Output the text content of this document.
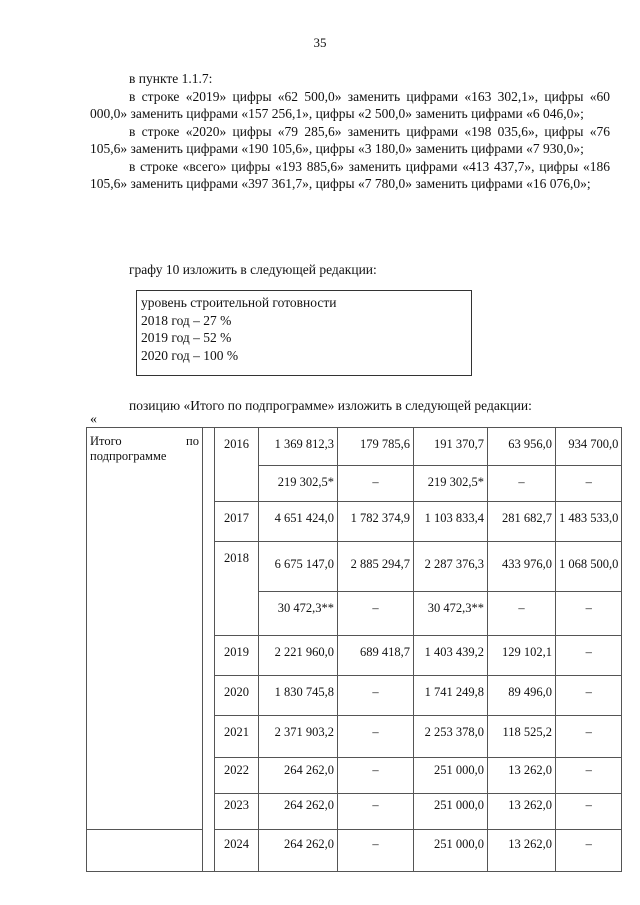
35

в пункте 1.1.7:

в строке «2019» цифры «62 500,0» заменить цифрами «163 302,1», цифры «60 000,0» заменить цифрами «157 256,1», цифры «2 500,0» заменить цифрами «6 046,0»;

в строке «2020» цифры «79 285,6» заменить цифрами «198 035,6», цифры «76 105,6» заменить цифрами «190 105,6», цифры «3 180,0» заменить цифрами «7 930,0»;

в строке «всего» цифры «193 885,6» заменить цифрами «413 437,7», цифры «186 105,6» заменить цифрами «397 361,7», цифры «7 780,0» заменить цифрами «16 076,0»;

графу 10 изложить в следующей редакции:
уровень строительной готовности
2018 год – 27 %
2019 год – 52 %
2020 год – 100 %
позицию «Итого по подпрограмме» изложить в следующей редакции:
«
Итого по
подпрограмме		2016	1 369 812,3	179 785,6	191 370,7	63 956,0	934 700,0
			219 302,5*	–	219 302,5*	–	–
		2017	4 651 424,0	1 782 374,9	1 103 833,4	281 682,7	1 483 533,0
		2018	6 675 147,0	2 885 294,7	2 287 376,3	433 976,0	1 068 500,0
			30 472,3**	–	30 472,3**	–	–
		2019	2 221 960,0	689 418,7	1 403 439,2	129 102,1	–
		2020	1 830 745,8	–	1 741 249,8	89 496,0	–
		2021	2 371 903,2	–	2 253 378,0	118 525,2	–
		2022	264 262,0	–	251 000,0	13 262,0	–
		2023	264 262,0	–	251 000,0	13 262,0	–
		2024	264 262,0	–	251 000,0	13 262,0	–
